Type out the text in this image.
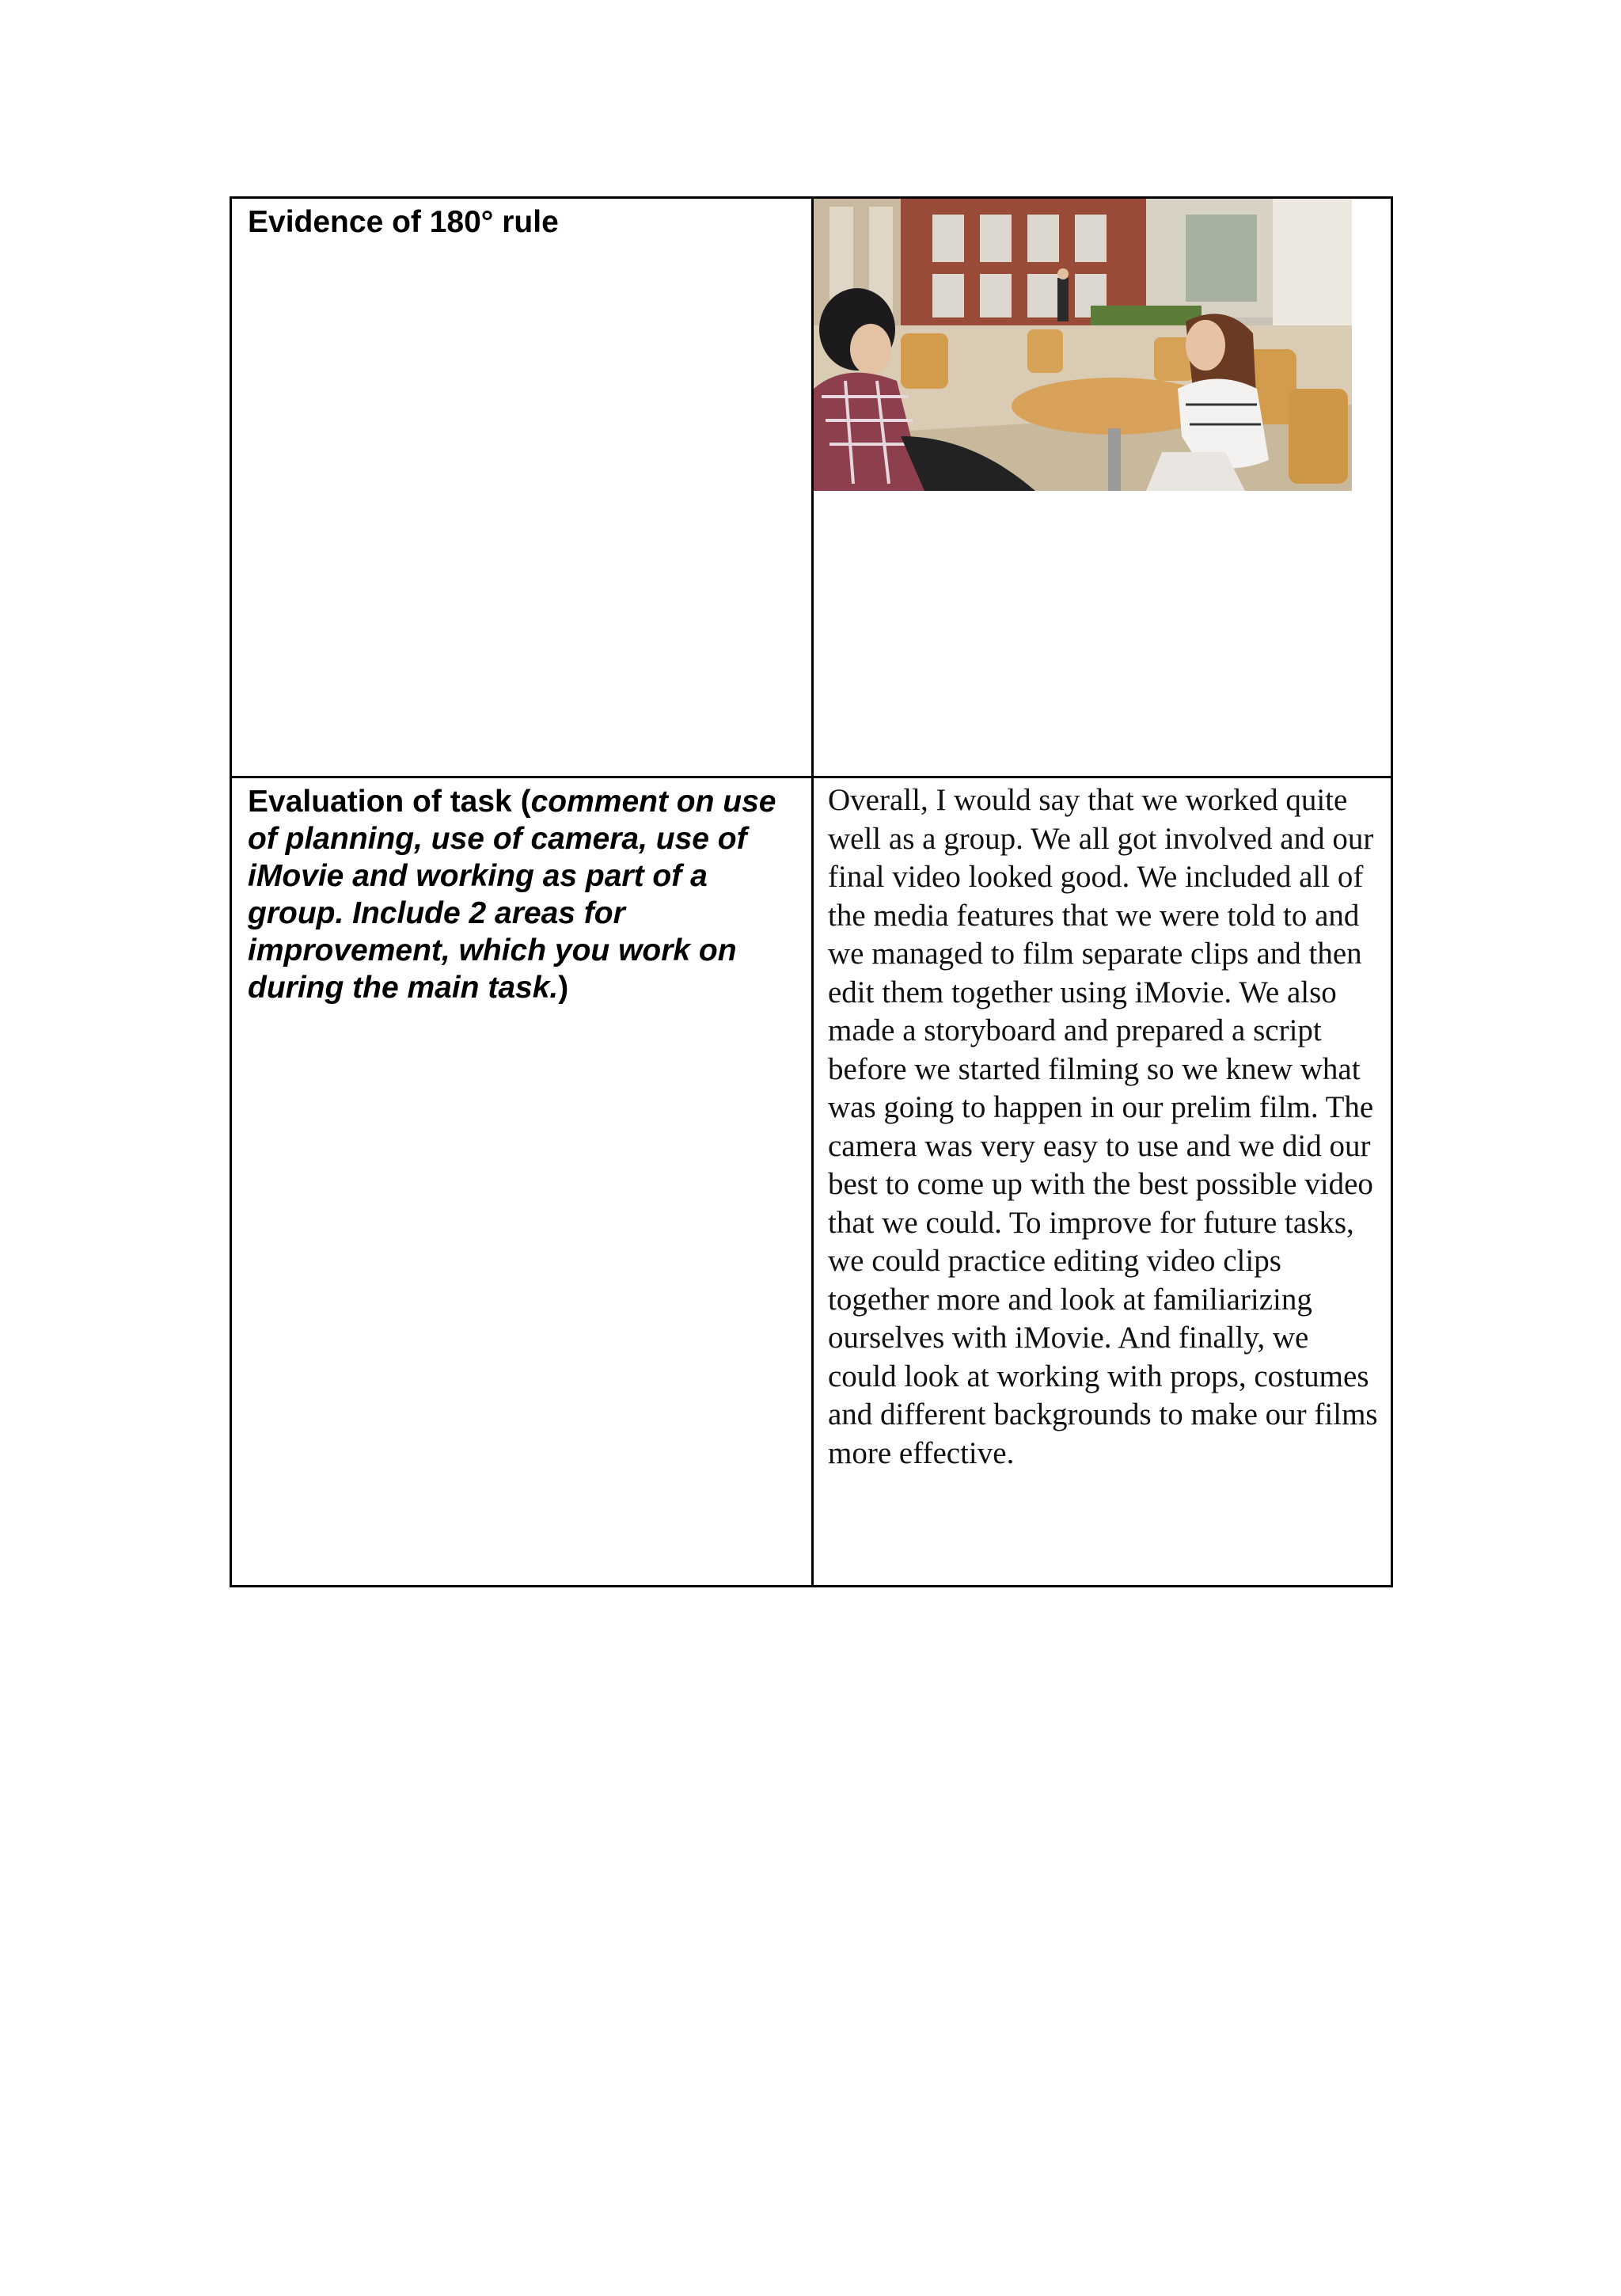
Evidence of 180° rule	

Evaluation of task (comment on use of planning, use of camera, use of iMovie and working as part of a group. Include 2 areas for improvement, which you work on during the main task.)	Overall, I would say that we worked quite well as a group. We all got involved and our final video looked good. We included all of the media features that we were told to and we managed to film separate clips and then edit them together using iMovie. We also made a storyboard and prepared a script before we started filming so we knew what was going to happen in our prelim film. The camera was very easy to use and we did our best to come up with the best possible video that we could. To improve for future tasks, we could practice editing video clips together more and look at familiarizing ourselves with iMovie. And finally, we could look at working with props, costumes and different backgrounds to make our films more effective.
